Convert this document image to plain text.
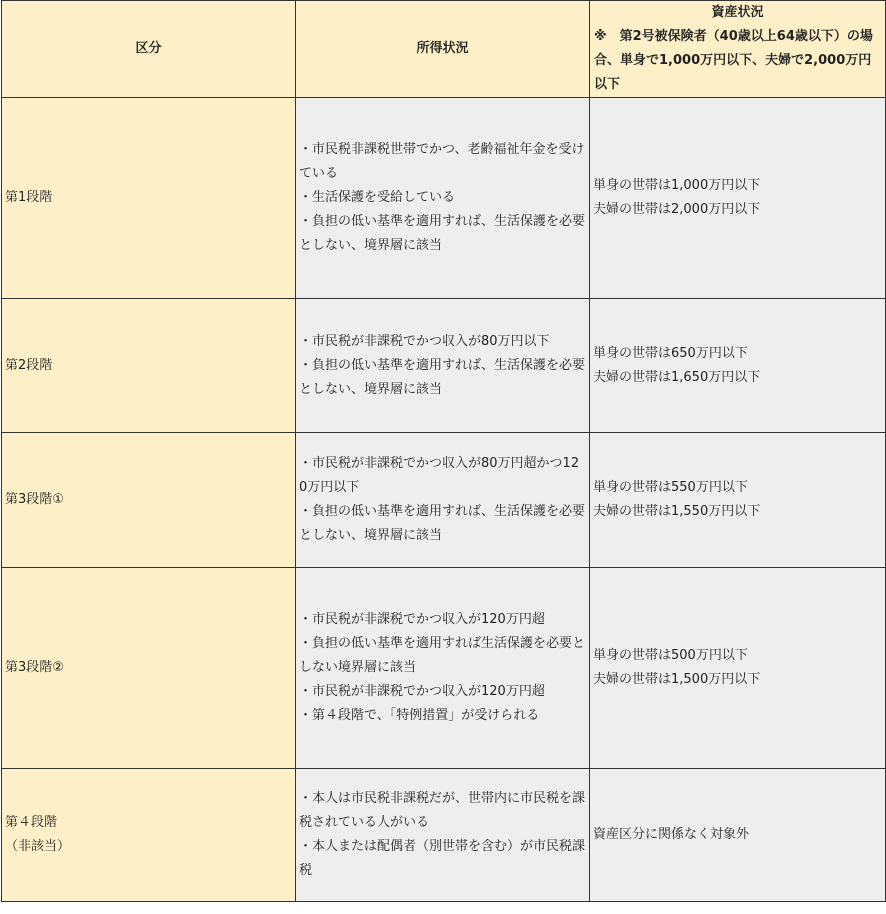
区分	所得状況	資産状況
※　第2号被保険者（40歳以上64歳以下）の場合、単身で1,000万円以下、夫婦で2,000万円以下

第1段階	・市民税非課税世帯でかつ、老齢福祉年金を受けている
・生活保護を受給している
・負担の低い基準を適用すれば、生活保護を必要としない、境界層に該当	単身の世帯は1,000万円以下
夫婦の世帯は2,000万円以下

第2段階	・市民税が非課税でかつ収入が80万円以下
・負担の低い基準を適用すれば、生活保護を必要としない、境界層に該当	単身の世帯は650万円以下
夫婦の世帯は1,650万円以下

第3段階①	・市民税が非課税でかつ収入が80万円超かつ120万円以下
・負担の低い基準を適用すれば、生活保護を必要としない、境界層に該当	単身の世帯は550万円以下
夫婦の世帯は1,550万円以下

第3段階②	・市民税が非課税でかつ収入が120万円超
・負担の低い基準を適用すれば生活保護を必要としない境界層に該当
・市民税が非課税でかつ収入が120万円超
・第４段階で、「特例措置」が受けられる	単身の世帯は500万円以下
夫婦の世帯は1,500万円以下

第４段階
（非該当）	・本人は市民税非課税だが、世帯内に市民税を課税されている人がいる
・本人または配偶者（別世帯を含む）が市民税課税	資産区分に関係なく対象外
